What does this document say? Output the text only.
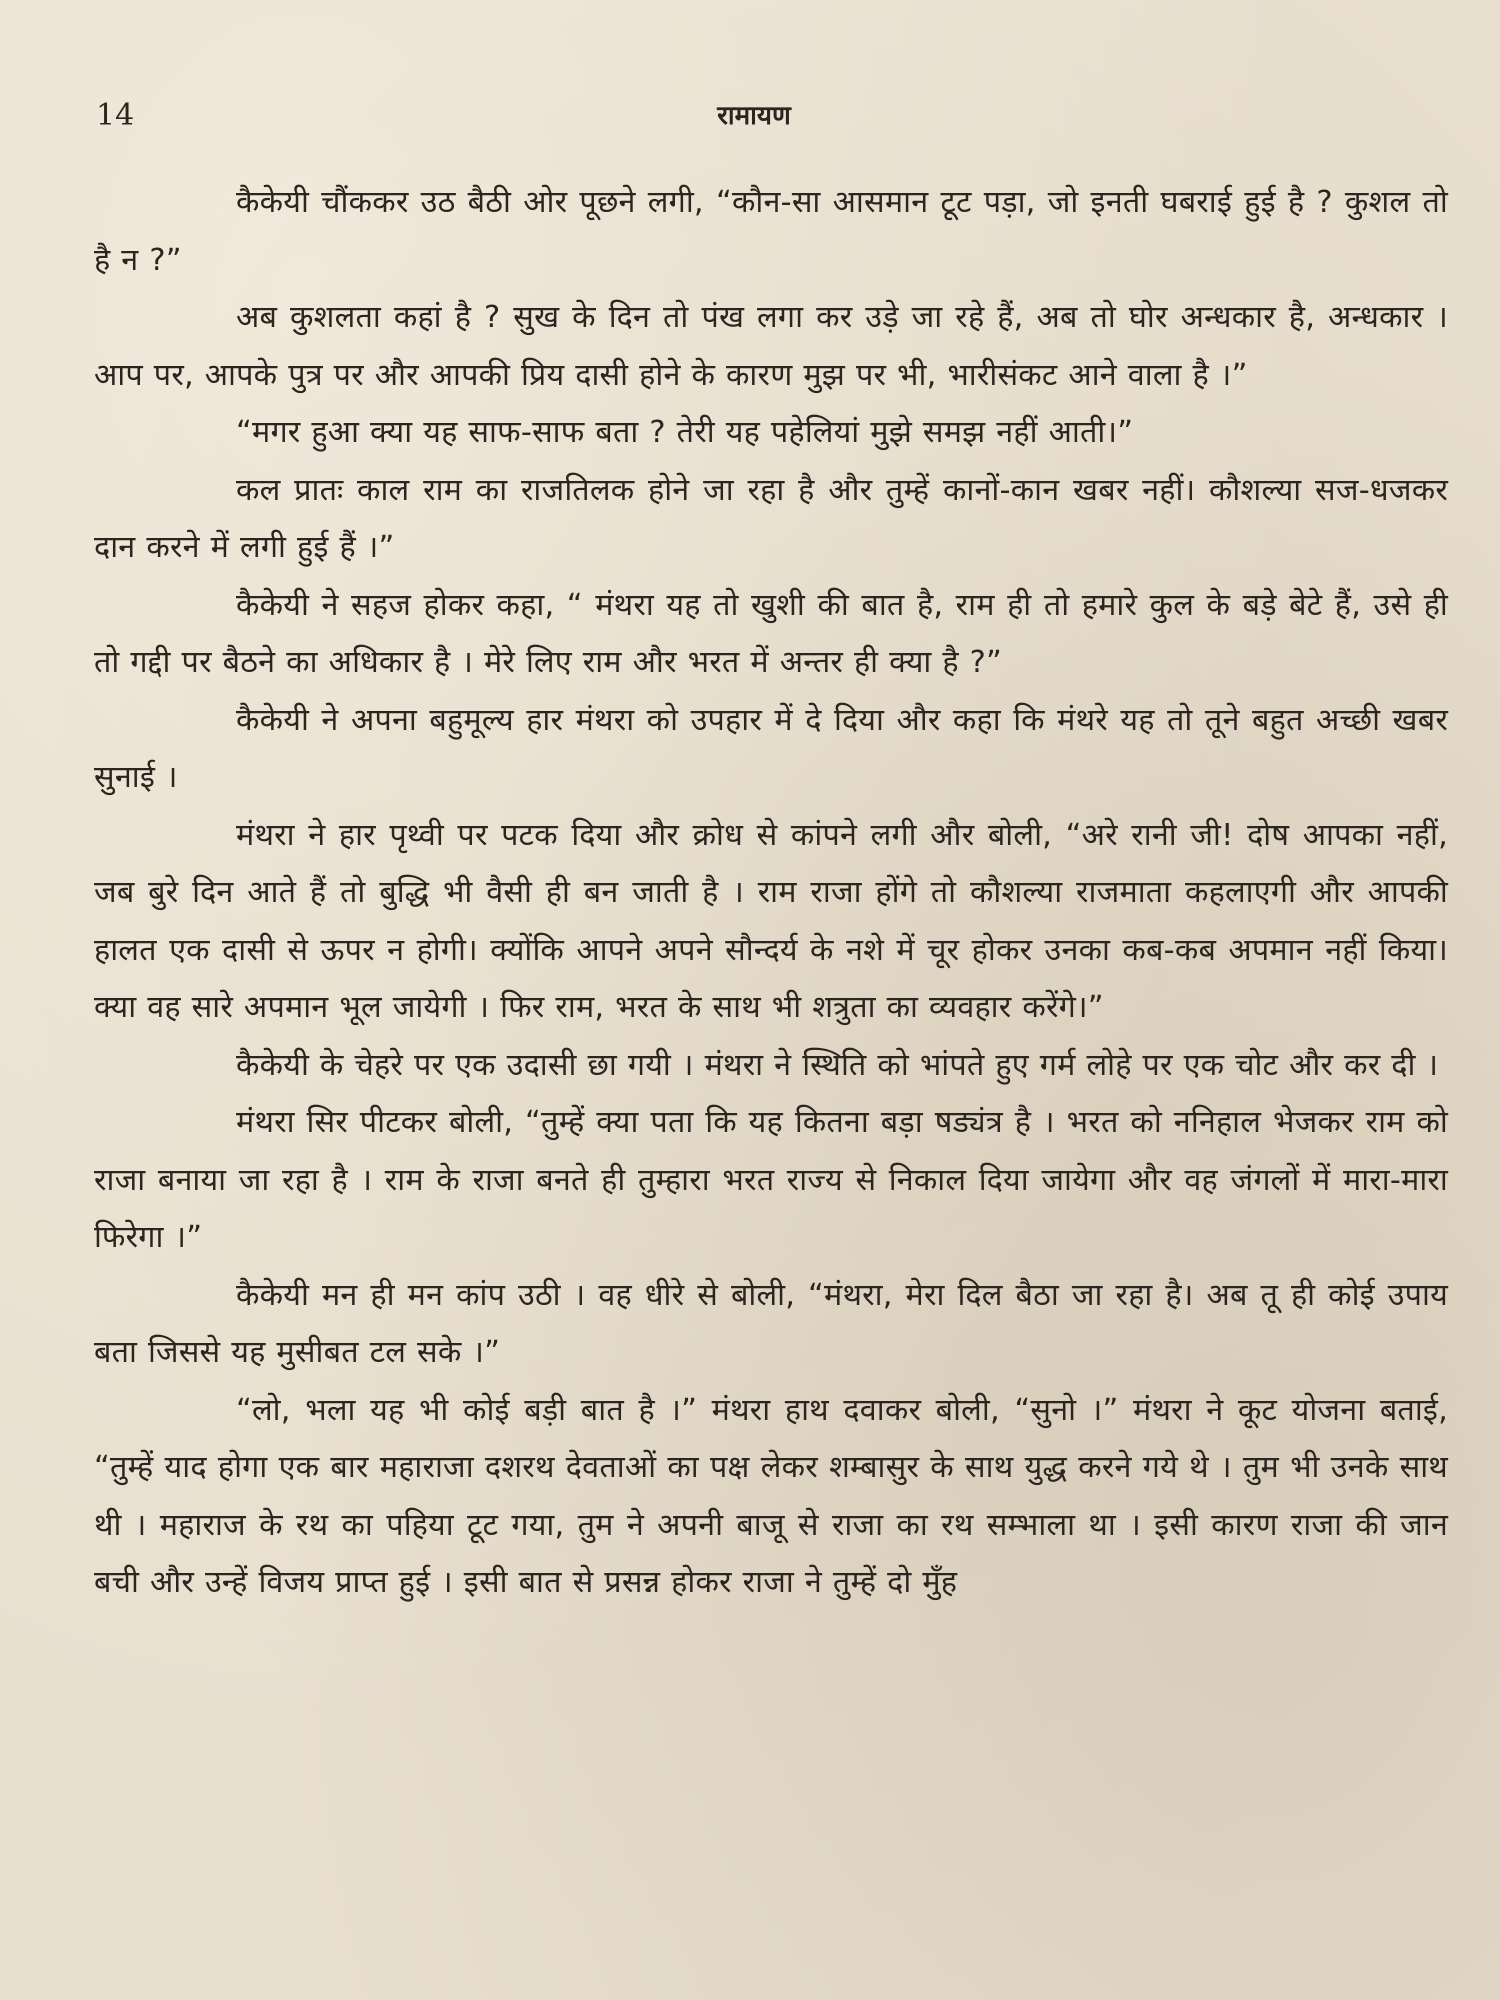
14	रामायण

कैकेयी चौंककर उठ बैठी ओर पूछने लगी, “कौन-सा आसमान टूट पड़ा, जो इनती घबराई हुई है ? कुशल तो है न ?”

अब कुशलता कहां है ? सुख के दिन तो पंख लगा कर उड़े जा रहे हैं, अब तो घोर अन्धकार है, अन्धकार । आप पर, आपके पुत्र पर और आपकी प्रिय दासी होने के कारण मुझ पर भी, भारीसंकट आने वाला है ।”

“मगर हुआ क्या यह साफ-साफ बता ? तेरी यह पहेलियां मुझे समझ नहीं आती।”

कल प्रातः काल राम का राजतिलक होने जा रहा है और तुम्हें कानों-कान खबर नहीं। कौशल्या सज-धजकर दान करने में लगी हुई हैं ।”

कैकेयी ने सहज होकर कहा, “ मंथरा यह तो खुशी की बात है, राम ही तो हमारे कुल के बड़े बेटे हैं, उसे ही तो गद्दी पर बैठने का अधिकार है । मेरे लिए राम और भरत में अन्तर ही क्या है ?”

कैकेयी ने अपना बहुमूल्य हार मंथरा को उपहार में दे दिया और कहा कि मंथरे यह तो तूने बहुत अच्छी खबर सुनाई ।

मंथरा ने हार पृथ्वी पर पटक दिया और क्रोध से कांपने लगी और बोली, “अरे रानी जी! दोष आपका नहीं, जब बुरे दिन आते हैं तो बुद्धि भी वैसी ही बन जाती है । राम राजा होंगे तो कौशल्या राजमाता कहलाएगी और आपकी हालत एक दासी से ऊपर न होगी। क्योंकि आपने अपने सौन्दर्य के नशे में चूर होकर उनका कब-कब अपमान नहीं किया। क्या वह सारे अपमान भूल जायेगी । फिर राम, भरत के साथ भी शत्रुता का व्यवहार करेंगे।”

कैकेयी के चेहरे पर एक उदासी छा गयी । मंथरा ने स्थिति को भांपते हुए गर्म लोहे पर एक चोट और कर दी ।

मंथरा सिर पीटकर बोली, “तुम्हें क्या पता कि यह कितना बड़ा षड्यंत्र है । भरत को ननिहाल भेजकर राम को राजा बनाया जा रहा है । राम के राजा बनते ही तुम्हारा भरत राज्य से निकाल दिया जायेगा और वह जंगलों में मारा-मारा फिरेगा ।”

कैकेयी मन ही मन कांप उठी । वह धीरे से बोली, “मंथरा, मेरा दिल बैठा जा रहा है। अब तू ही कोई उपाय बता जिससे यह मुसीबत टल सके ।”

“लो, भला यह भी कोई बड़ी बात है ।” मंथरा हाथ दवाकर बोली, “सुनो ।” मंथरा ने कूट योजना बताई, “तुम्हें याद होगा एक बार महाराजा दशरथ देवताओं का पक्ष लेकर शम्बासुर के साथ युद्ध करने गये थे । तुम भी उनके साथ थी । महाराज के रथ का पहिया टूट गया, तुम ने अपनी बाजू से राजा का रथ सम्भाला था । इसी कारण राजा की जान बची और उन्हें विजय प्राप्त हुई । इसी बात से प्रसन्न होकर राजा ने तुम्हें दो मुँह
